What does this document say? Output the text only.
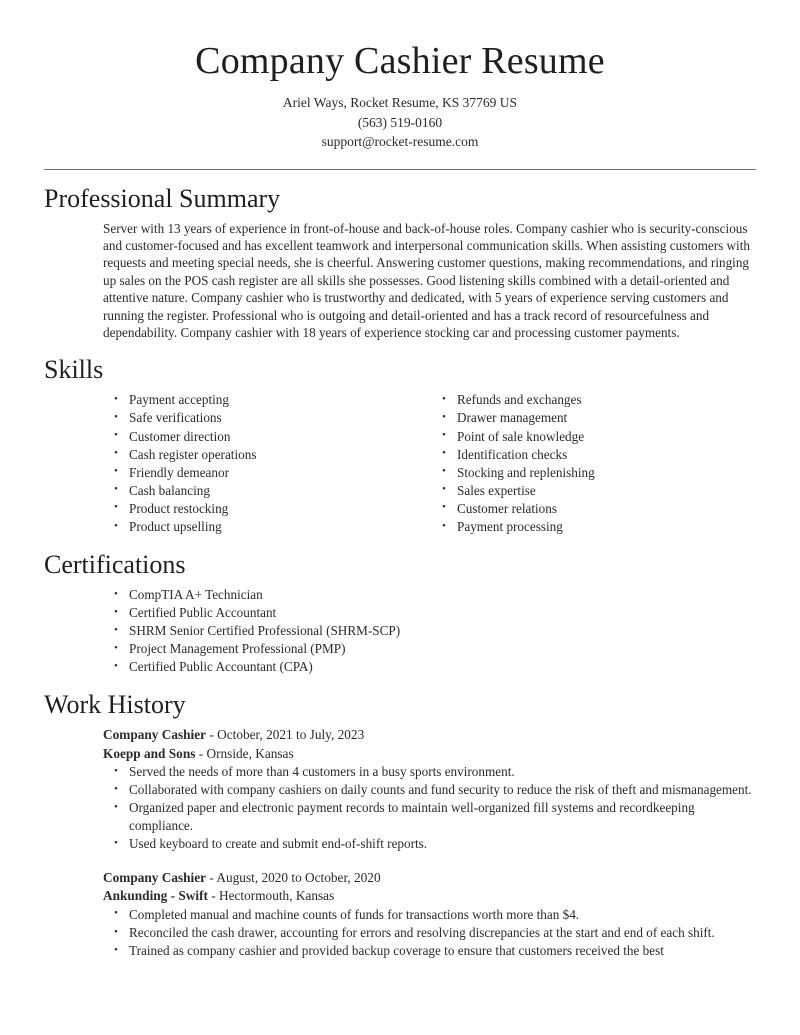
Company Cashier Resume
Ariel Ways, Rocket Resume, KS 37769 US
(563) 519-0160
support@rocket-resume.com
Professional Summary

Server with 13 years of experience in front-of-house and back-of-house roles. Company cashier who is security-conscious and customer-focused and has excellent teamwork and interpersonal communication skills. When assisting customers with requests and meeting special needs, she is cheerful. Answering customer questions, making recommendations, and ringing up sales on the POS cash register are all skills she possesses. Good listening skills combined with a detail-oriented and attentive nature. Company cashier who is trustworthy and dedicated, with 5 years of experience serving customers and running the register. Professional who is outgoing and detail-oriented and has a track record of resourcefulness and dependability. Company cashier with 18 years of experience stocking car and processing customer payments.

Skills
• Payment accepting
• Safe verifications
• Customer direction
• Cash register operations
• Friendly demeanor
• Cash balancing
• Product restocking
• Product upselling
• Refunds and exchanges
• Drawer management
• Point of sale knowledge
• Identification checks
• Stocking and replenishing
• Sales expertise
• Customer relations
• Payment processing
Certifications
• CompTIA A+ Technician
• Certified Public Accountant
• SHRM Senior Certified Professional (SHRM-SCP)
• Project Management Professional (PMP)
• Certified Public Accountant (CPA)
Work History
Company Cashier - October, 2021 to July, 2023
Koepp and Sons - Ornside, Kansas
• Served the needs of more than 4 customers in a busy sports environment.
• Collaborated with company cashiers on daily counts and fund security to reduce the risk of theft and mismanagement.
• Organized paper and electronic payment records to maintain well-organized fill systems and recordkeeping compliance.
• Used keyboard to create and submit end-of-shift reports.
Company Cashier - August, 2020 to October, 2020
Ankunding - Swift - Hectormouth, Kansas
• Completed manual and machine counts of funds for transactions worth more than $4.
• Reconciled the cash drawer, accounting for errors and resolving discrepancies at the start and end of each shift.
• Trained as company cashier and provided backup coverage to ensure that customers received the best
